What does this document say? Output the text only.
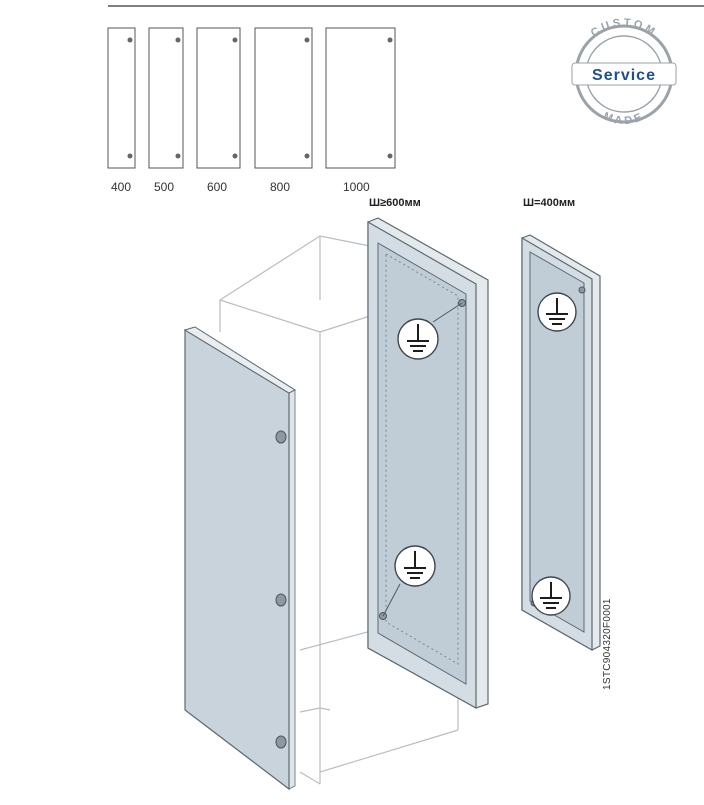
CUSTOM
MADE
Service
400 500	600	800	1000
Ш≥600мм	Ш=400мм
1STC904320F0001
